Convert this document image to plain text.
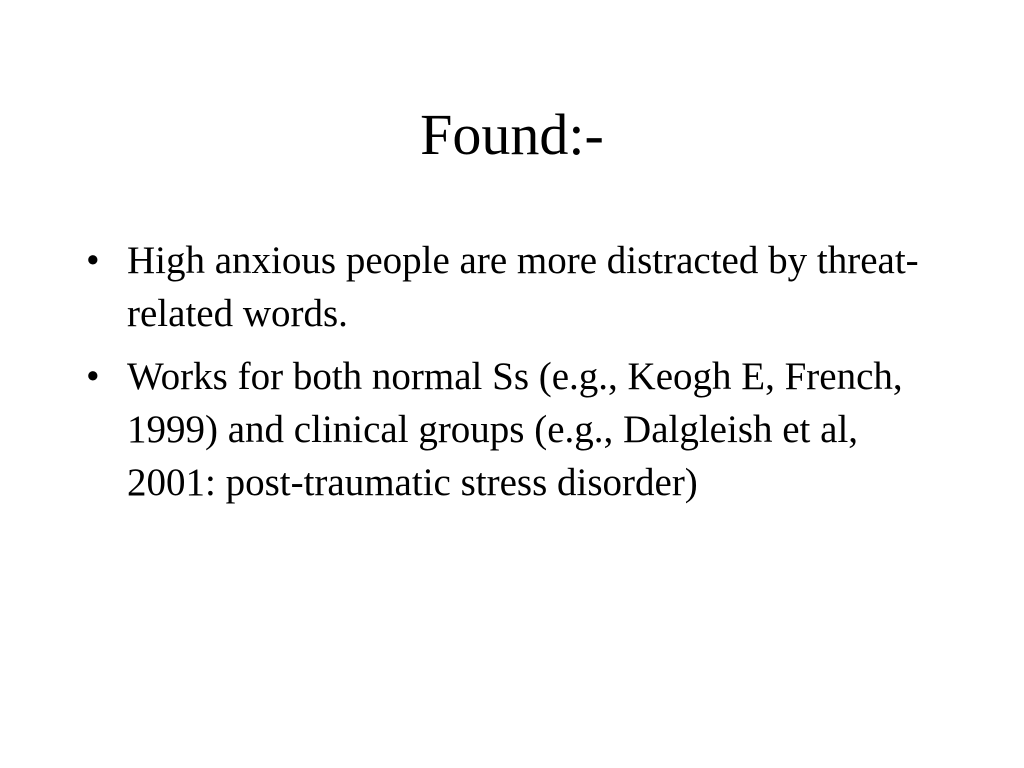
Found:-
• High anxious people are more distracted by threat-related words.
• Works for both normal Ss (e.g., Keogh E, French, 1999) and clinical groups (e.g., Dalgleish et al, 2001: post-traumatic stress disorder)
